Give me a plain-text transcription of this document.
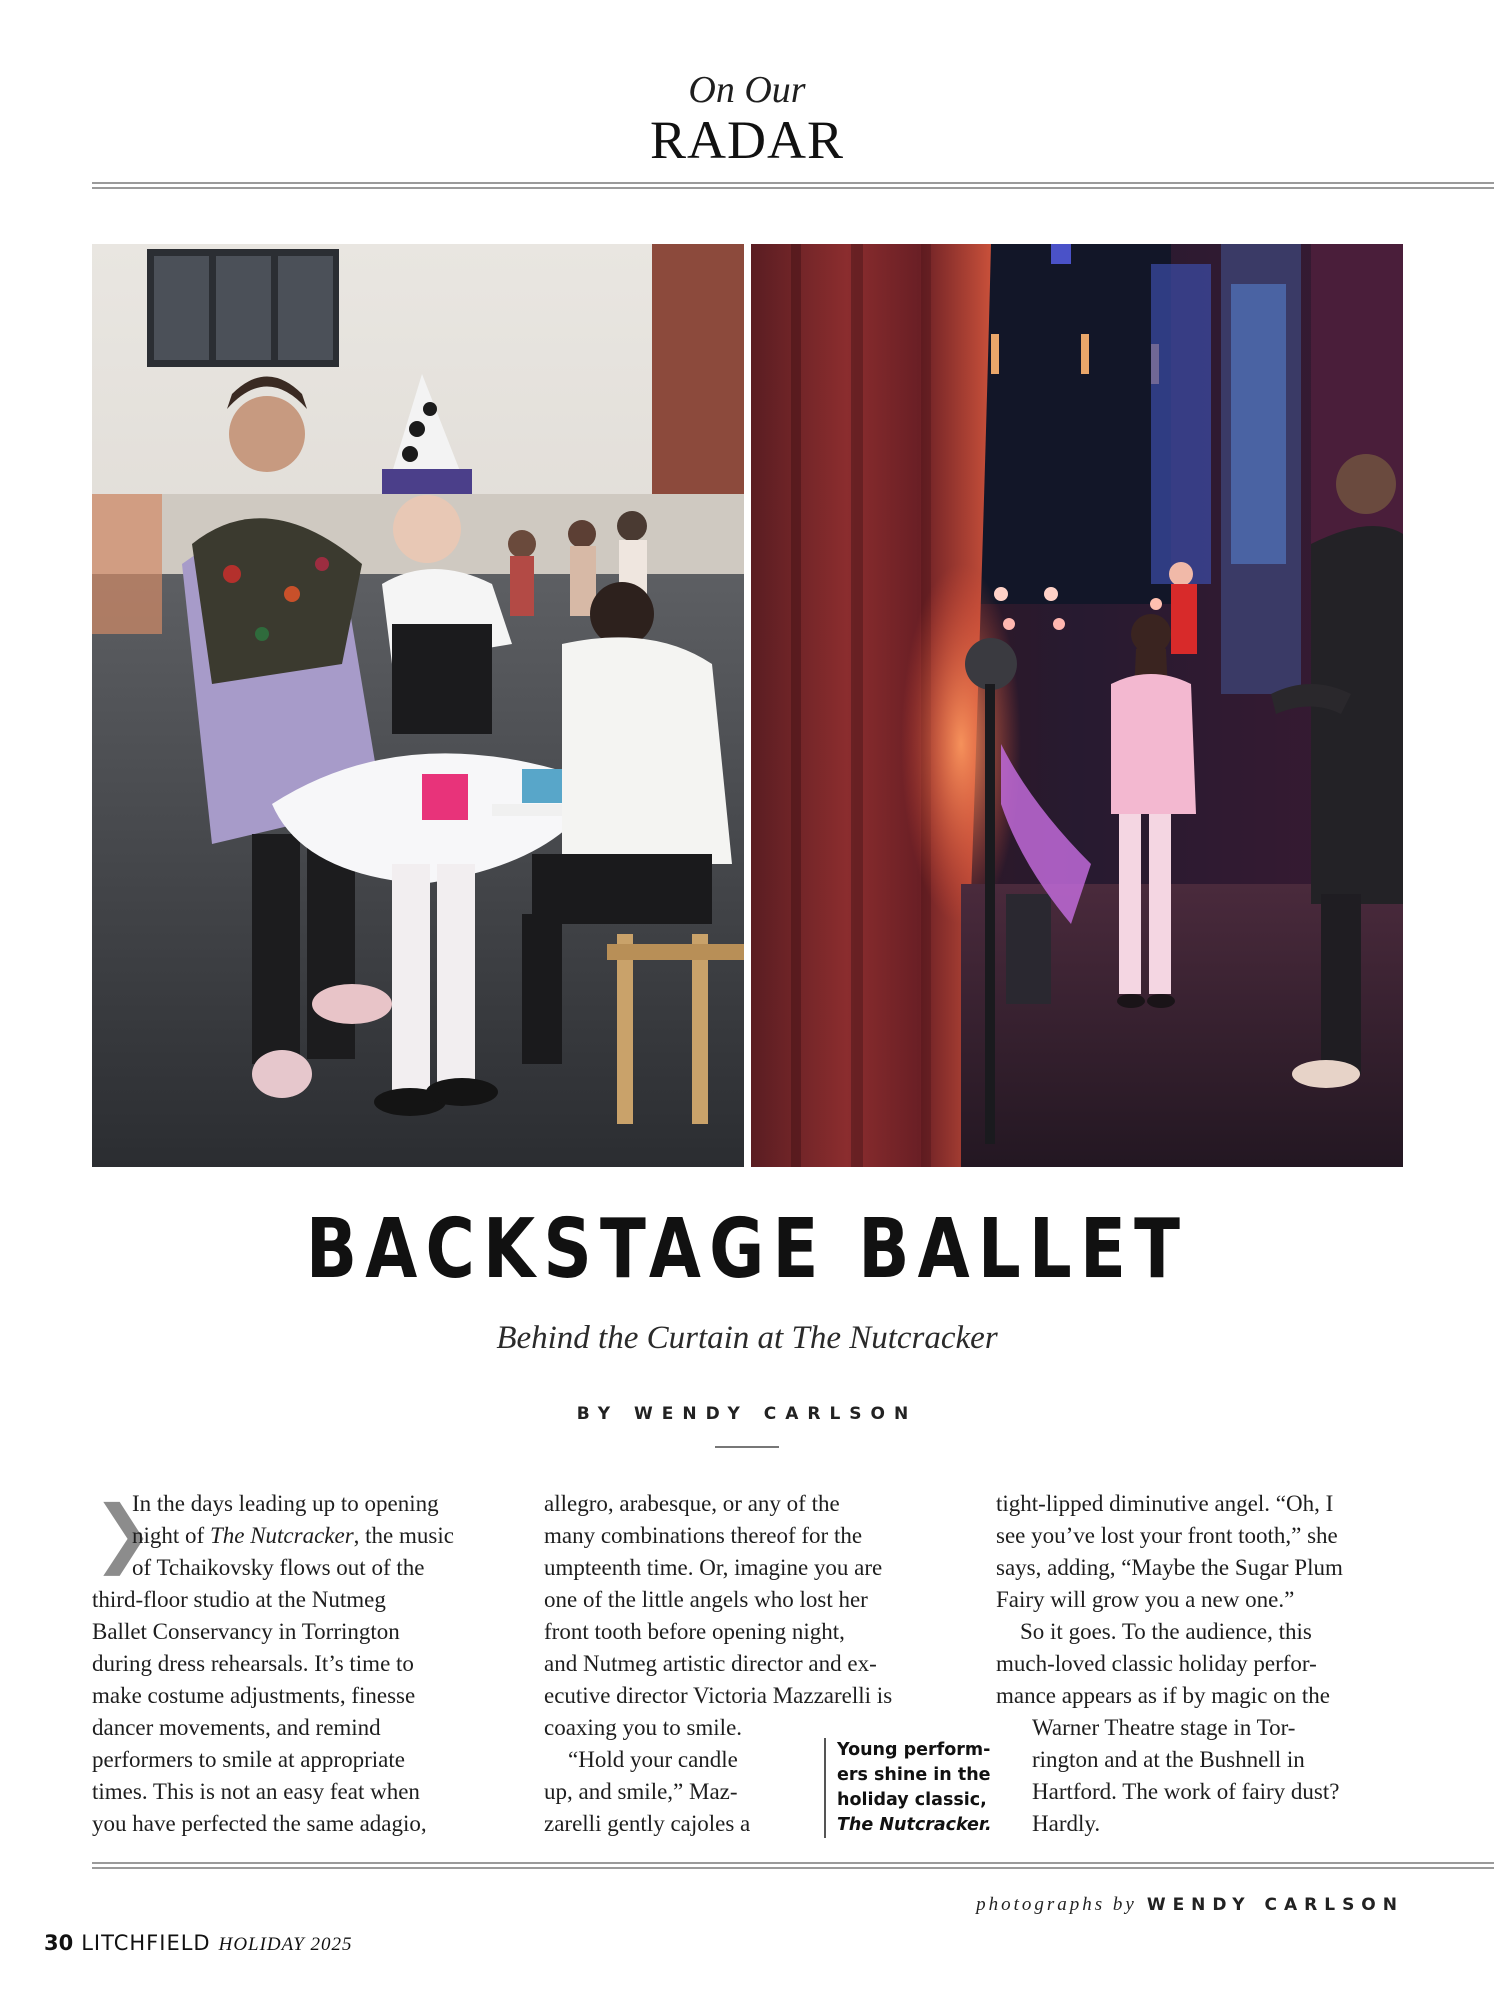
On Our
RADAR
BACKSTAGE BALLET
Behind the Curtain at The Nutcracker
BY WENDY CARLSON
❯

In the days leading up to opening

night of The Nutcracker, the music

of Tchaikovsky flows out of the

third-floor studio at the Nutmeg

Ballet Conservancy in Torrington

during dress rehearsals. It’s time to

make costume adjustments, finesse

dancer movements, and remind

performers to smile at appropriate

times. This is not an easy feat when

you have perfected the same adagio,

allegro, arabesque, or any of the

many combinations thereof for the

umpteenth time. Or, imagine you are

one of the little angels who lost her

front tooth before opening night,

and Nutmeg artistic director and ex-

ecutive director Victoria Mazzarelli is

coaxing you to smile.

“Hold your candle

up, and smile,” Maz-

zarelli gently cajoles a

Young perform- ers shine in the holiday classic, The Nutcracker.

tight-lipped diminutive angel. “Oh, I

see you’ve lost your front tooth,” she

says, adding, “Maybe the Sugar Plum

Fairy will grow you a new one.”

So it goes. To the audience, this

much-loved classic holiday perfor-

mance appears as if by magic on the

Warner Theatre stage in Tor-

rington and at the Bushnell in

Hartford. The work of fairy dust?

Hardly.

photographs by WENDY CARLSON
30 LITCHFIELD HOLIDAY 2025
